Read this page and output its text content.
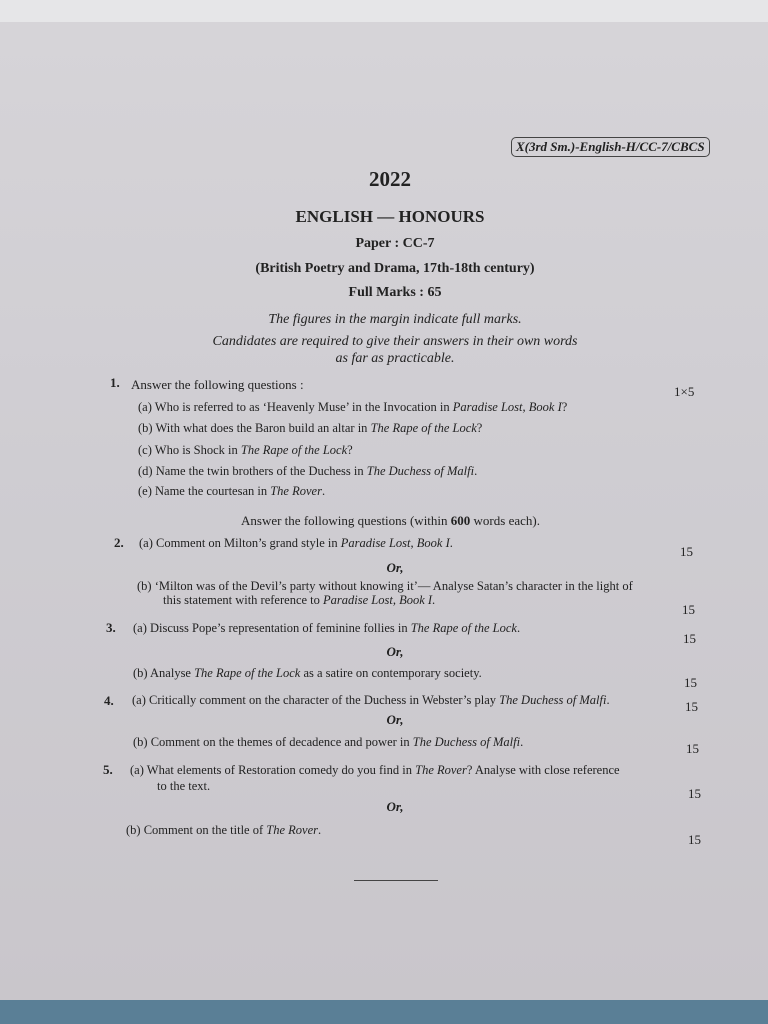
X(3rd Sm.)-English-H/CC-7/CBCS
2022
ENGLISH — HONOURS
Paper : CC-7
(British Poetry and Drama, 17th-18th century)
Full Marks : 65
The figures in the margin indicate full marks.
Candidates are required to give their answers in their own words
as far as practicable.
1. Answer the following questions :	1×5
(a) Who is referred to as ‘Heavenly Muse’ in the Invocation in Paradise Lost, Book I?
(b) With what does the Baron build an altar in The Rape of the Lock?
(c) Who is Shock in The Rape of the Lock?
(d) Name the twin brothers of the Duchess in The Duchess of Malfi.
(e) Name the courtesan in The Rover.
Answer the following questions (within 600 words each).
2. (a) Comment on Milton’s grand style in Paradise Lost, Book I.
15
Or,
(b) ‘Milton was of the Devil’s party without knowing it’— Analyse Satan’s character in the light of
this statement with reference to Paradise Lost, Book I.
15
3. (a) Discuss Pope’s representation of feminine follies in The Rape of the Lock.
15
Or,
(b) Analyse The Rape of the Lock as a satire on contemporary society.
15
4. (a) Critically comment on the character of the Duchess in Webster’s play The Duchess of Malfi.	15
Or,
(b) Comment on the themes of decadence and power in The Duchess of Malfi.	15
5. (a) What elements of Restoration comedy do you find in The Rover? Analyse with close reference
to the text.	15
Or,
(b) Comment on the title of The Rover.
15
